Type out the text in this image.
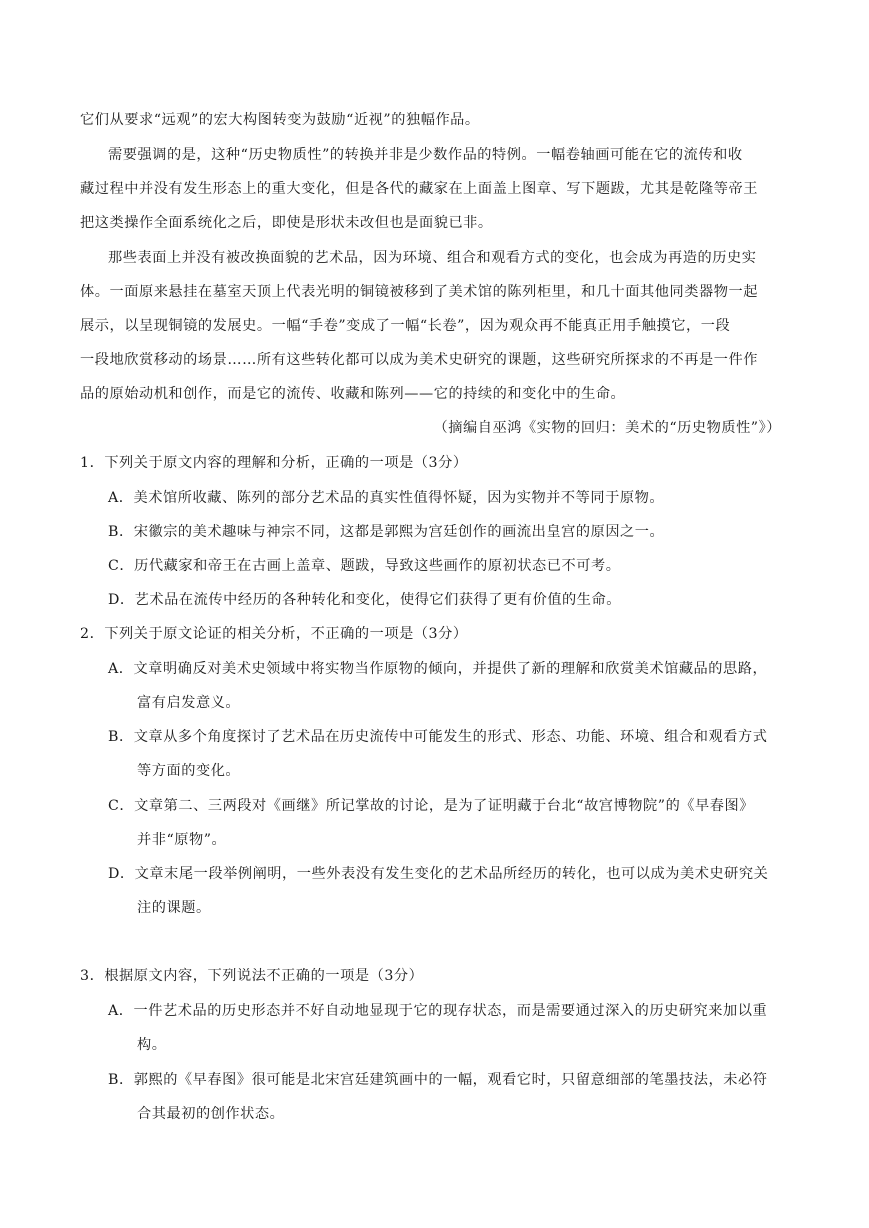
它们从要求“远观”的宏大构图转变为鼓励“近视”的独幅作品。
需要强调的是，这种“历史物质性”的转换并非是少数作品的特例。一幅卷轴画可能在它的流传和收
藏过程中并没有发生形态上的重大变化，但是各代的藏家在上面盖上图章、写下题跋，尤其是乾隆等帝王
把这类操作全面系统化之后，即使是形状未改但也是面貌已非。
那些表面上并没有被改换面貌的艺术品，因为环境、组合和观看方式的变化，也会成为再造的历史实
体。一面原来悬挂在墓室天顶上代表光明的铜镜被移到了美术馆的陈列柜里，和几十面其他同类器物一起
展示，以呈现铜镜的发展史。一幅“手卷”变成了一幅“长卷”，因为观众再不能真正用手触摸它，一段
一段地欣赏移动的场景……所有这些转化都可以成为美术史研究的课题，这些研究所探求的不再是一件作
品的原始动机和创作，而是它的流传、收藏和陈列——它的持续的和变化中的生命。
（摘编自巫鸿《实物的回归：美术的“历史物质性”》）
1．下列关于原文内容的理解和分析，正确的一项是（3分）
A．美术馆所收藏、陈列的部分艺术品的真实性值得怀疑，因为实物并不等同于原物。
B．宋徽宗的美术趣味与神宗不同，这都是郭熙为宫廷创作的画流出皇宫的原因之一。
C．历代藏家和帝王在古画上盖章、题跋，导致这些画作的原初状态已不可考。
D．艺术品在流传中经历的各种转化和变化，使得它们获得了更有价值的生命。
2．下列关于原文论证的相关分析，不正确的一项是（3分）
A．文章明确反对美术史领域中将实物当作原物的倾向，并提供了新的理解和欣赏美术馆藏品的思路，
富有启发意义。
B．文章从多个角度探讨了艺术品在历史流传中可能发生的形式、形态、功能、环境、组合和观看方式
等方面的变化。
C．文章第二、三两段对《画继》所记掌故的讨论，是为了证明藏于台北“故宫博物院”的《早春图》
并非“原物”。
D．文章末尾一段举例阐明，一些外表没有发生变化的艺术品所经历的转化，也可以成为美术史研究关
注的课题。
3．根据原文内容，下列说法不正确的一项是（3分）
A．一件艺术品的历史形态并不好自动地显现于它的现存状态，而是需要通过深入的历史研究来加以重
构。
B．郭熙的《早春图》很可能是北宋宫廷建筑画中的一幅，观看它时，只留意细部的笔墨技法，未必符
合其最初的创作状态。
